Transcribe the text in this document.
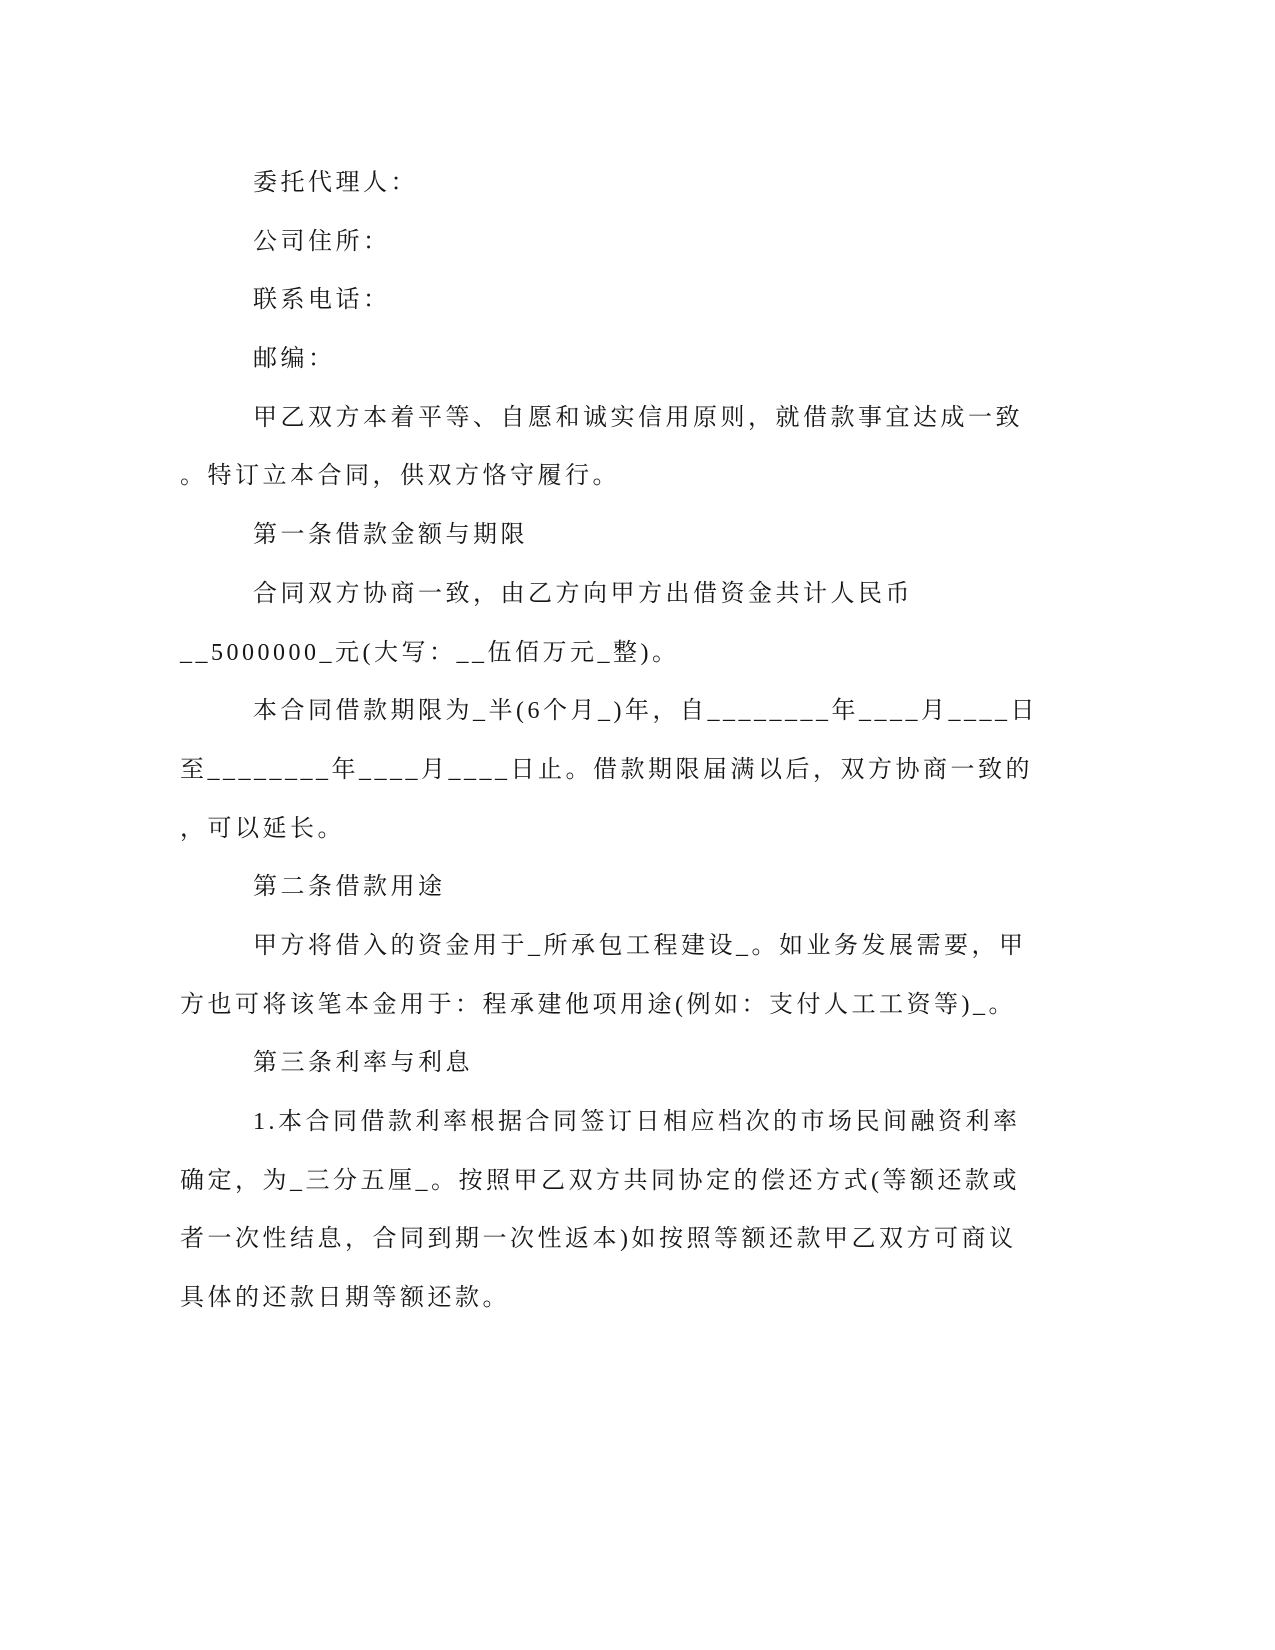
委托代理人：
公司住所：
联系电话：
邮编：
甲乙双方本着平等、自愿和诚实信用原则，就借款事宜达成一致
。特订立本合同，供双方恪守履行。
第一条借款金额与期限
合同双方协商一致，由乙方向甲方出借资金共计人民币
__5000000_元(大写：__伍佰万元_整)。
本合同借款期限为_半(6个月_)年，自________年____月____日
至________年____月____日止。借款期限届满以后，双方协商一致的
，可以延长。
第二条借款用途
甲方将借入的资金用于_所承包工程建设_。如业务发展需要，甲
方也可将该笔本金用于：程承建他项用途(例如：支付人工工资等)_。
第三条利率与利息
1.本合同借款利率根据合同签订日相应档次的市场民间融资利率
确定，为_三分五厘_。按照甲乙双方共同协定的偿还方式(等额还款或
者一次性结息，合同到期一次性返本)如按照等额还款甲乙双方可商议
具体的还款日期等额还款。
